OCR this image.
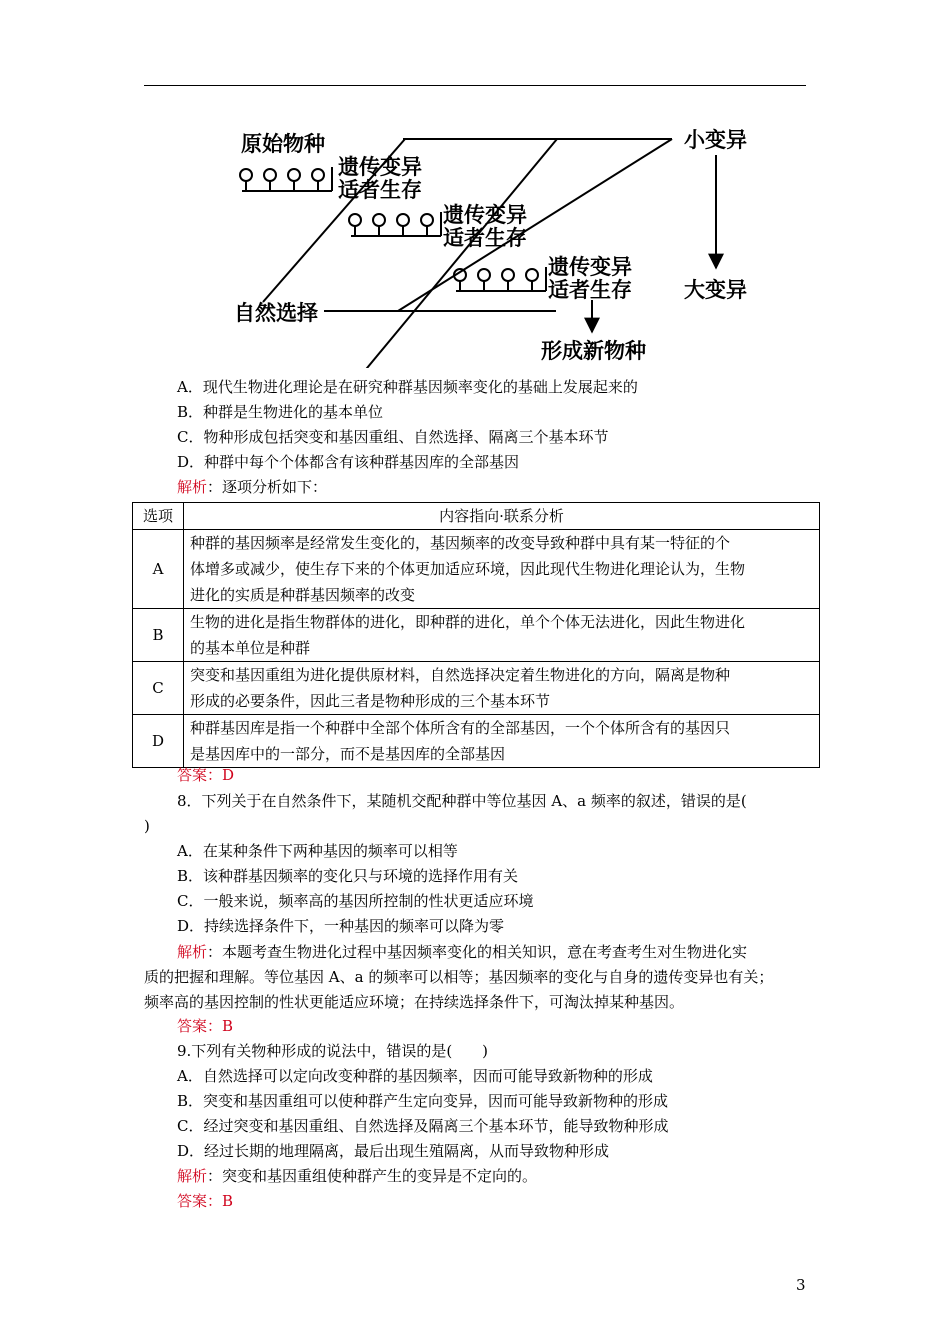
原始物种
遗传变异
适者生存
遗传变异
适者生存
遗传变异
适者生存
自然选择
形成新物种
小变异
大变异
A．现代生物进化理论是在研究种群基因频率变化的基础上发展起来的
B．种群是生物进化的基本单位
C．物种形成包括突变和基因重组、自然选择、隔离三个基本环节
D．种群中每个个体都含有该种群基因库的全部基因
解析：逐项分析如下：
选项	内容指向·联系分析
A	种群的基因频率是经常发生变化的，基因频率的改变导致种群中具有某一特征的个
体增多或减少，使生存下来的个体更加适应环境，因此现代生物进化理论认为，生物
进化的实质是种群基因频率的改变

B	生物的进化是指生物群体的进化，即种群的进化，单个个体无法进化，因此生物进化
的基本单位是种群

C	突变和基因重组为进化提供原材料，自然选择决定着生物进化的方向，隔离是物种
形成的必要条件，因此三者是物种形成的三个基本环节

D	种群基因库是指一个种群中全部个体所含有的全部基因，一个个体所含有的基因只
是基因库中的一部分，而不是基因库的全部基因
答案：D
8．下列关于在自然条件下，某随机交配种群中等位基因 A、a 频率的叙述，错误的是(
)
A．在某种条件下两种基因的频率可以相等
B．该种群基因频率的变化只与环境的选择作用有关
C．一般来说，频率高的基因所控制的性状更适应环境
D．持续选择条件下，一种基因的频率可以降为零
解析：本题考查生物进化过程中基因频率变化的相关知识，意在考查考生对生物进化实
质的把握和理解。等位基因 A、a 的频率可以相等；基因频率的变化与自身的遗传变异也有关；
频率高的基因控制的性状更能适应环境；在持续选择条件下，可淘汰掉某种基因。
答案：B
9.下列有关物种形成的说法中，错误的是(　　)
A．自然选择可以定向改变种群的基因频率，因而可能导致新物种的形成
B．突变和基因重组可以使种群产生定向变异，因而可能导致新物种的形成
C．经过突变和基因重组、自然选择及隔离三个基本环节，能导致物种形成
D．经过长期的地理隔离，最后出现生殖隔离，从而导致物种形成
解析：突变和基因重组使种群产生的变异是不定向的。
答案：B
3
